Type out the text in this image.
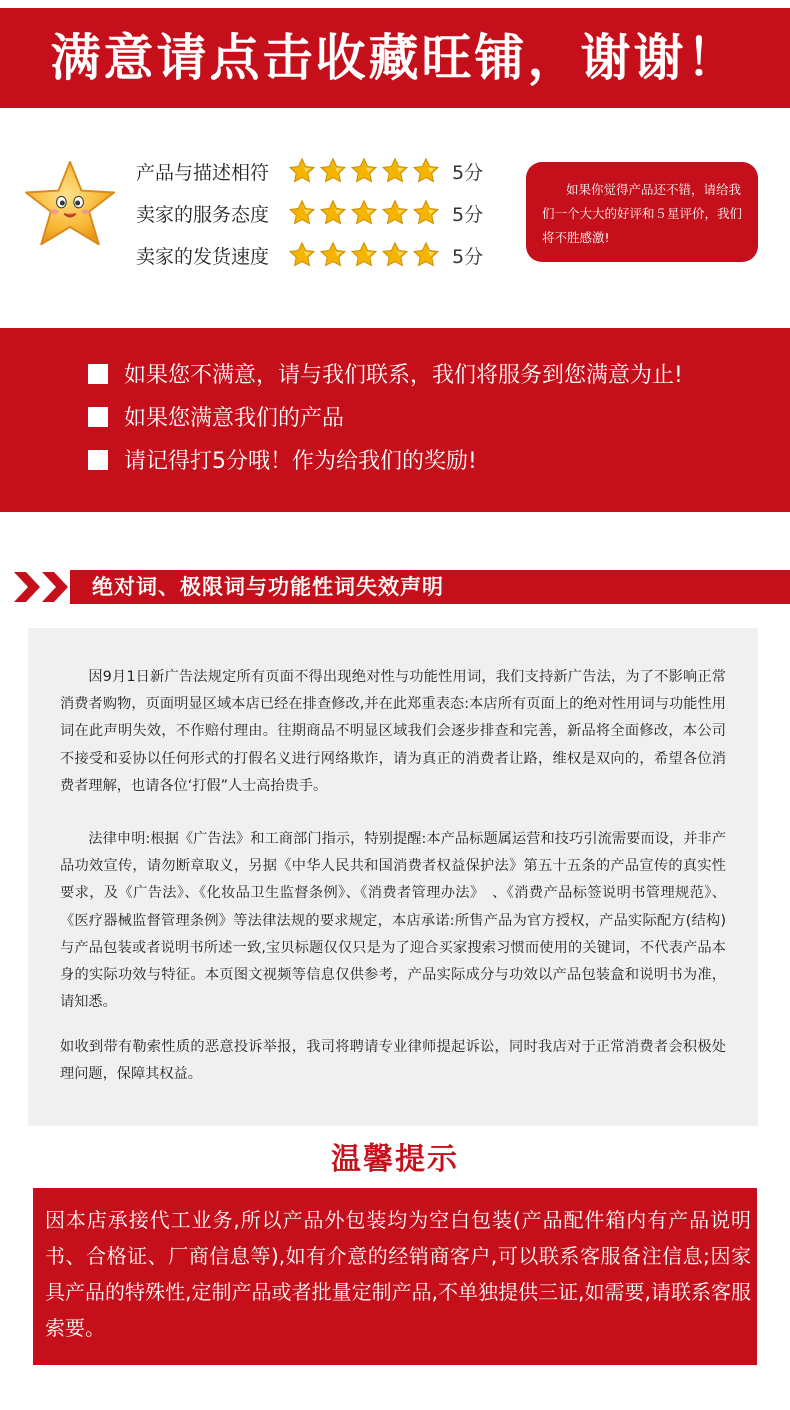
满意请点击收藏旺铺，谢谢！
产品与描述相符	5分
卖家的服务态度	5分
卖家的发货速度	5分
如果你觉得产品还不错，请给我们一个大大的好评和５星评价，我们将不胜感激!
如果您不满意，请与我们联系，我们将服务到您满意为止!
如果您满意我们的产品
请记得打5分哦！作为给我们的奖励!
绝对词、极限词与功能性词失效声明
因9月1日新广告法规定所有页面不得出现绝对性与功能性用词，我们支持新广告法，为了不影响正常消费者购物，页面明显区域本店已经在排查修改,并在此郑重表态:本店所有页面上的绝对性用词与功能性用词在此声明失效，不作赔付理由。往期商品不明显区域我们会逐步排查和完善，新品将全面修改，本公司不接受和妥协以任何形式的打假名义进行网络欺诈，请为真正的消费者让路，维权是双向的，希望各位消费者理解，也请各位‘打假”人士高抬贵手。
法律申明:根据《广告法》和工商部门指示，特别提醒:本产品标题属运营和技巧引流需要而设，并非产品功效宣传，请勿断章取义，另据《中华人民共和国消费者权益保护法》第五十五条的产品宣传的真实性要求，及《广告法》、《化妆品卫生监督条例》、《消费者管理办法》　、《消费产品标签说明书管理规范》、《医疗器械监督管理条例》等法律法规的要求规定，本店承诺:所售产品为官方授权，产品实际配方(结构)与产品包装或者说明书所述一致,宝贝标题仅仅只是为了迎合买家搜索习惯而使用的关键词，不代表产品本身的实际功效与特征。本页图文视频等信息仅供参考，产品实际成分与功效以产品包装盒和说明书为准，请知悉。
如收到带有勒索性质的恶意投诉举报，我司将聘请专业律师提起诉讼，同时我店对于正常消费者会积极处理问题，保障其权益。
温馨提示
因本店承接代工业务,所以产品外包装均为空白包装(产品配件箱内有产品说明书、合格证、厂商信息等),如有介意的经销商客户,可以联系客服备注信息;因家具产品的特殊性,定制产品或者批量定制产品,不单独提供三证,如需要,请联系客服索要。
